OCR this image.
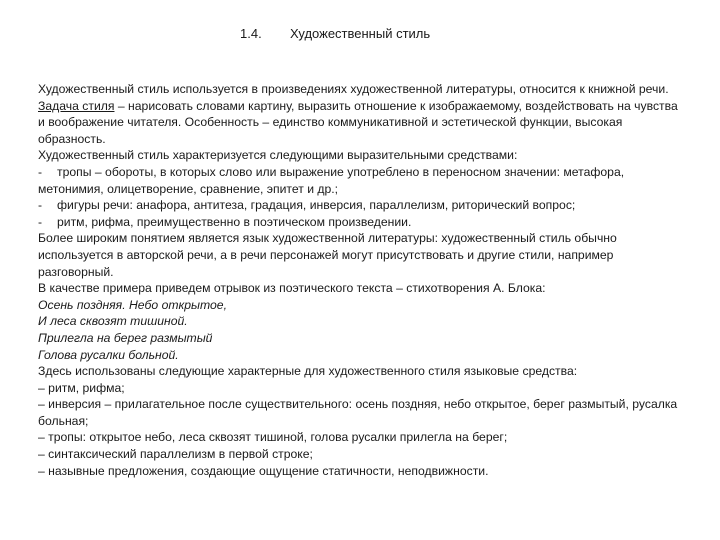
1.4. Художественный стиль

Художественный стиль используется в произведениях художественной литературы, относится к книжной речи.

Задача стиля – нарисовать словами картину, выразить отношение к изображаемому, воздействовать на чувства и воображение читателя. Особенность – единство коммуникативной и эстетической функции, высокая образность.

Художественный стиль характеризуется следующими выразительными средствами:

- тропы – обороты, в которых слово или выражение употреблено в переносном значении: метафора, метонимия, олицетворение, сравнение, эпитет и др.;

- фигуры речи: анафора, антитеза, градация, инверсия, параллелизм, риторический вопрос;

- ритм, рифма, преимущественно в поэтическом произведении.

Более широким понятием является язык художественной литературы: художественный стиль обычно используется в авторской речи, а в речи персонажей могут присутствовать и другие стили, например разговорный.

В качестве примера приведем отрывок из поэтического текста – стихотворения А. Блока:

Осень поздняя. Небо открытое,

И леса сквозят тишиной.

Прилегла на берег размытый

Голова русалки больной.

Здесь использованы следующие характерные для художественного стиля языковые средства:

– ритм, рифма;

– инверсия – прилагательное после существительного: осень поздняя, небо открытое, берег размытый, русалка больная;

– тропы: открытое небо, леса сквозят тишиной, голова русалки прилегла на берег;

– синтаксический параллелизм в первой строке;

– назывные предложения, создающие ощущение статичности, неподвижности.
